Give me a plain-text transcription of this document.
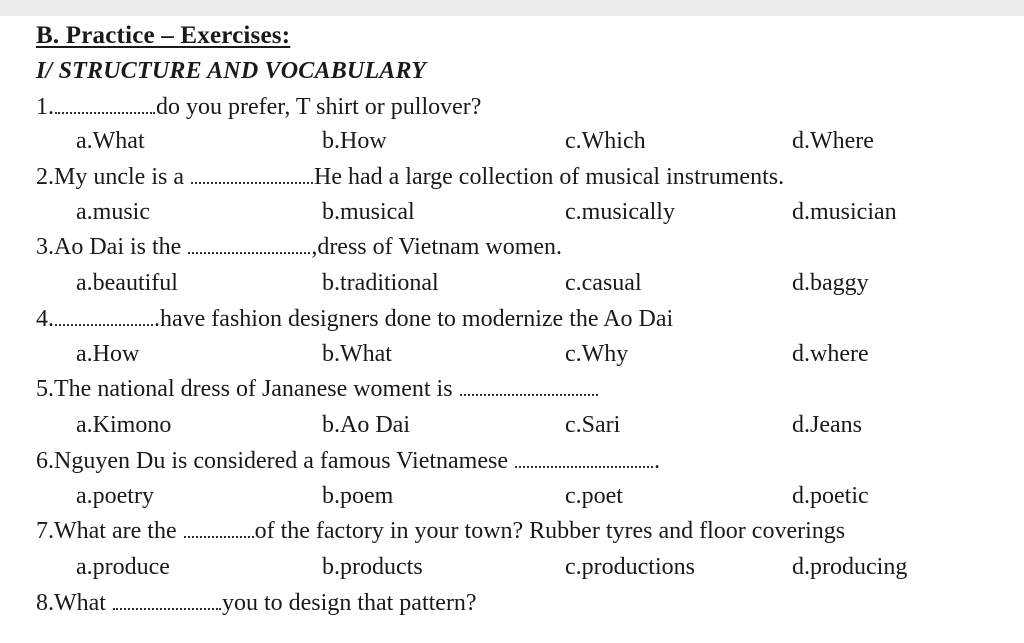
B. Practice – Exercises:
I/ STRUCTURE AND VOCABULARY
1.	do you prefer, T shirt or pullover?
a.What	b.How	c.Which	d.Where
2.My uncle is a	He had a large collection of musical instruments.
a.music	b.musical	c.musically	d.musician
3.Ao Dai is the	,dress of Vietnam women.
a.beautiful	b.traditional	c.casual	d.baggy
4.	.have fashion designers done to modernize the Ao Dai
a.How	b.What	c.Why	d.where
5.The national dress of Jananese woment is
a.Kimono	b.Ao Dai	c.Sari	d.Jeans
6.Nguyen Du is considered a famous Vietnamese	.
a.poetry	b.poem	c.poet	d.poetic
7.What are the	of the factory in your town? Rubber tyres and floor coverings
a.produce	b.products	c.productions	d.producing
8.What	you to design that pattern?
